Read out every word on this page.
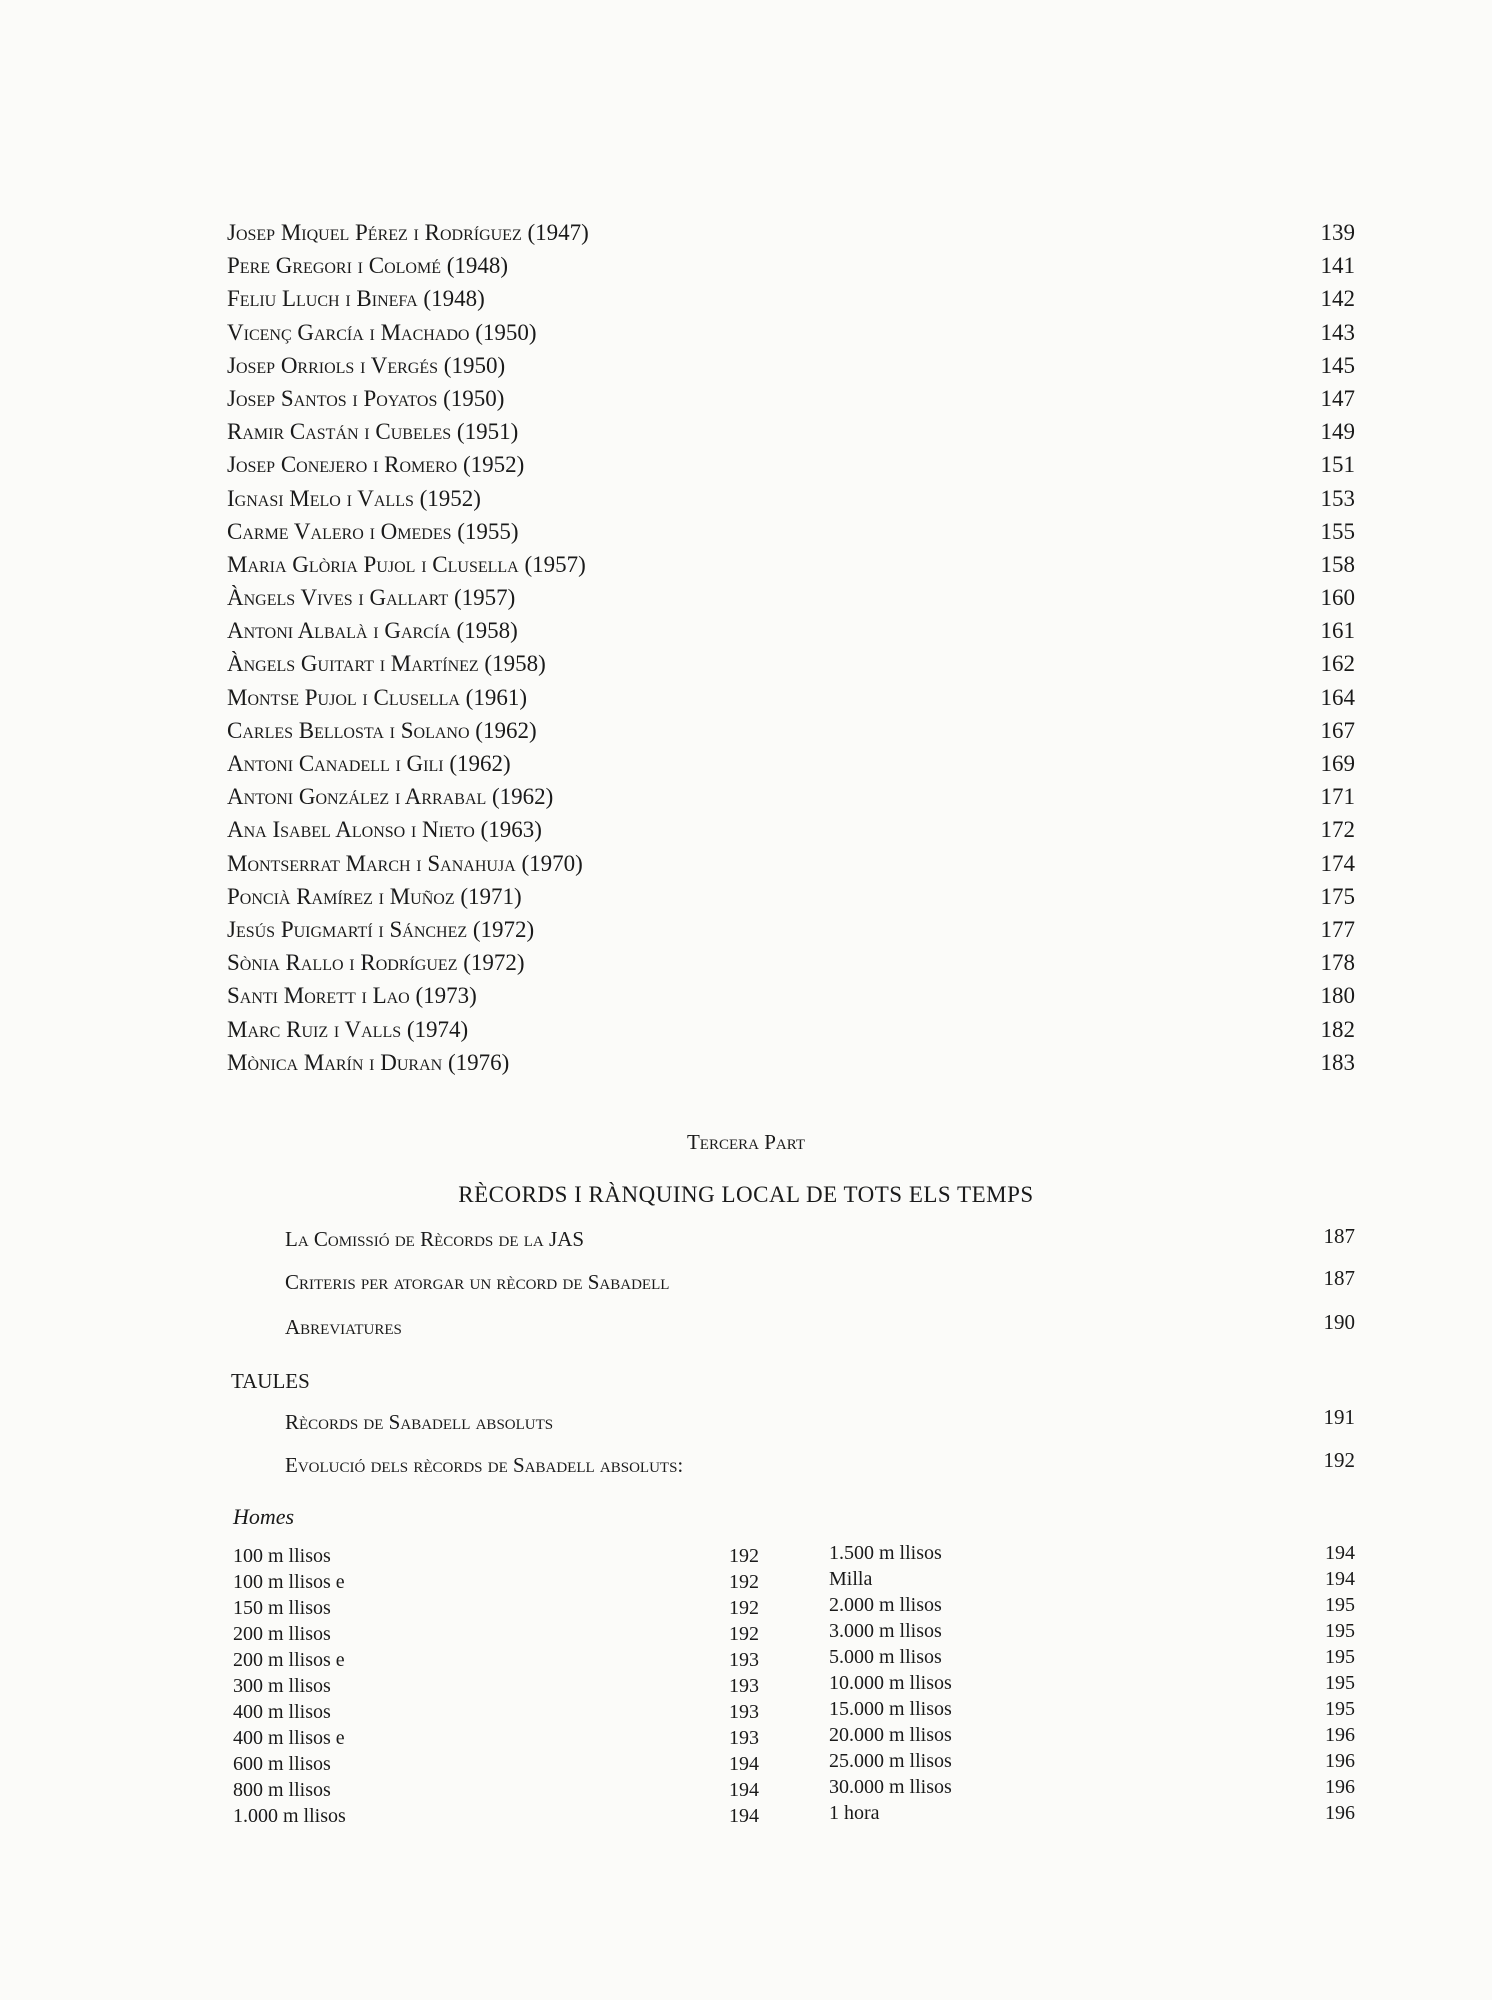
Josep Miquel Pérez i Rodríguez (1947)	139
Pere Gregori i Colomé (1948)	141
Feliu Lluch i Binefa (1948)	142
Vicenç García i Machado (1950)	143
Josep Orriols i Vergés (1950)	145
Josep Santos i Poyatos (1950)	147
Ramir Castán i Cubeles (1951)	149
Josep Conejero i Romero (1952)	151
Ignasi Melo i Valls (1952)	153
Carme Valero i Omedes (1955)	155
Maria Glòria Pujol i Clusella (1957)	158
Àngels Vives i Gallart (1957)	160
Antoni Albalà i García (1958)	161
Àngels Guitart i Martínez (1958)	162
Montse Pujol i Clusella (1961)	164
Carles Bellosta i Solano (1962)	167
Antoni Canadell i Gili (1962)	169
Antoni González i Arrabal (1962)	171
Ana Isabel Alonso i Nieto (1963)	172
Montserrat March i Sanahuja (1970)	174
Poncià Ramírez i Muñoz (1971)	175
Jesús Puigmartí i Sánchez (1972)	177
Sònia Rallo i Rodríguez (1972)	178
Santi Morett i Lao (1973)	180
Marc Ruiz i Valls (1974)	182
Mònica Marín i Duran (1976)	183
Tercera Part
RÈCORDS I RÀNQUING LOCAL DE TOTS ELS TEMPS
La Comissió de Rècords de la JAS	187
Criteris per atorgar un rècord de Sabadell	187
Abreviatures	190
TAULES
Rècords de Sabadell absoluts	191
Evolució dels rècords de Sabadell absoluts:	192
Homes
100 m llisos	192
100 m llisos e	192
150 m llisos	192
200 m llisos	192
200 m llisos e	193
300 m llisos	193
400 m llisos	193
400 m llisos e	193
600 m llisos	194
800 m llisos	194
1.000 m llisos	194
1.500 m llisos	194
Milla	194
2.000 m llisos	195
3.000 m llisos	195
5.000 m llisos	195
10.000 m llisos	195
15.000 m llisos	195
20.000 m llisos	196
25.000 m llisos	196
30.000 m llisos	196
1 hora	196
